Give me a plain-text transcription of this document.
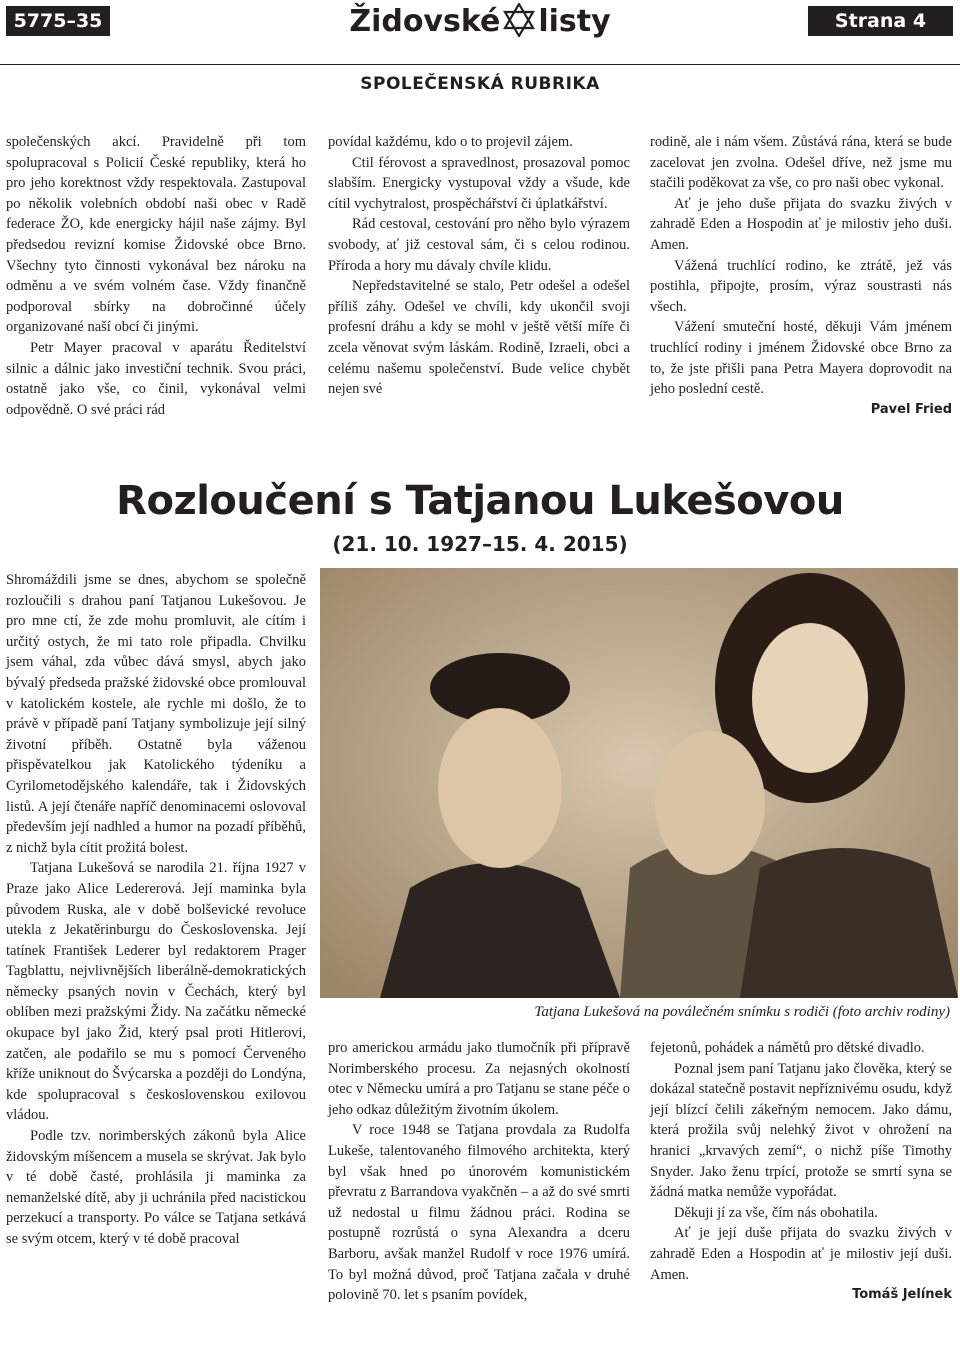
5775–35	Židovské listy	Strana 4
SPOLEČENSKÁ RUBRIKA

společenských akcí. Pravidelně při tom spolupracoval s Policií České republiky, která ho pro jeho korektnost vždy respektovala. Zastupoval po několik volebních období naši obec v Radě federace ŽO, kde energicky hájil naše zájmy. Byl předsedou revizní komise Židovské obce Brno. Všechny tyto činnosti vykonával bez nároku na odměnu a ve svém volném čase. Vždy finančně podporoval sbírky na dobročinné účely organizované naší obcí či jinými.

Petr Mayer pracoval v aparátu Ředitelství silnic a dálnic jako investiční technik. Svou práci, ostatně jako vše, co činil, vykonával velmi odpovědně. O své práci rád

povídal každému, kdo o to projevil zájem.

Ctil férovost a spravedlnost, prosazoval pomoc slabším. Energicky vystupoval vždy a všude, kde cítil vychytralost, prospěchářství či úplatkářství.

Rád cestoval, cestování pro něho bylo výrazem svobody, ať již cestoval sám, či s celou rodinou. Příroda a hory mu dávaly chvíle klidu.

Nepředstavitelné se stalo, Petr odešel a odešel příliš záhy. Odešel ve chvíli, kdy ukončil svoji profesní dráhu a kdy se mohl v ještě větší míře či zcela věnovat svým láskám. Rodině, Izraeli, obci a celému našemu společenství. Bude velice chybět nejen své

rodině, ale i nám všem. Zůstává rána, která se bude zacelovat jen zvolna. Odešel dříve, než jsme mu stačili poděkovat za vše, co pro naši obec vykonal.

Ať je jeho duše přijata do svazku živých v zahradě Eden a Hospodin ať je milostiv jeho duši. Amen.

Vážená truchlící rodino, ke ztrátě, jež vás postihla, připojte, prosím, výraz soustrasti nás všech.

Vážení smuteční hosté, děkuji Vám jménem truchlící rodiny i jménem Židovské obce Brno za to, že jste přišli pana Petra Mayera doprovodit na jeho poslední cestě.

Pavel Fried
Rozloučení s Tatjanou Lukešovou
(21. 10. 1927–15. 4. 2015)
Tatjana Lukešová na poválečném snímku s rodiči (foto archiv rodiny)

Shromáždili jsme se dnes, abychom se společně rozloučili s drahou paní Tatjanou Lukešovou. Je pro mne ctí, že zde mohu promluvit, ale cítím i určitý ostych, že mi tato role připadla. Chvilku jsem váhal, zda vůbec dává smysl, abych jako bývalý předseda pražské židovské obce promlouval v katolickém kostele, ale rychle mi došlo, že to právě v případě paní Tatjany symbolizuje její silný životní příběh. Ostatně byla váženou přispěvatelkou jak Katolického týdeníku a Cyrilometodějského kalendáře, tak i Židovských listů. A její čtenáře napříč denominacemi oslovoval především její nadhled a humor na pozadí příběhů, z nichž byla cítit prožitá bolest.

Tatjana Lukešová se narodila 21. října 1927 v Praze jako Alice Ledererová. Její maminka byla původem Ruska, ale v době bolševické revoluce utekla z Jekatěrinburgu do Československa. Její tatínek František Lederer byl redaktorem Prager Tagblattu, nejvlivnějších liberálně-demokratických německy psaných novin v Čechách, který byl oblíben mezi pražskými Židy. Na začátku německé okupace byl jako Žid, který psal proti Hitlerovi, zatčen, ale podařilo se mu s pomocí Červeného kříže uniknout do Švýcarska a později do Londýna, kde spolupracoval s československou exilovou vládou.

Podle tzv. norimberských zákonů byla Alice židovským míšencem a musela se skrývat. Jak bylo v té době časté, prohlásila ji maminka za nemanželské dítě, aby ji uchránila před nacistickou perzekucí a transporty. Po válce se Tatjana setkává se svým otcem, který v té době pracoval

pro americkou armádu jako tlumočník při přípravě Norimberského procesu. Za nejasných okolností otec v Německu umírá a pro Tatjanu se stane péče o jeho odkaz důležitým životním úkolem.

V roce 1948 se Tatjana provdala za Rudolfa Lukeše, talentovaného filmového architekta, který byl však hned po únorovém komunistickém převratu z Barrandova vyakčněn – a až do své smrti už nedostal u filmu žádnou práci. Rodina se postupně rozrůstá o syna Alexandra a dceru Barboru, avšak manžel Rudolf v roce 1976 umírá. To byl možná důvod, proč Tatjana začala v druhé polovině 70. let s psaním povídek,

fejetonů, pohádek a námětů pro dětské divadlo.

Poznal jsem paní Tatjanu jako člověka, který se dokázal statečně postavit nepříznivému osudu, když její blízcí čelili zákeřným nemocem. Jako dámu, která prožila svůj nelehký život v ohrožení na hranici „krvavých zemí“, o nichž píše Timothy Snyder. Jako ženu trpící, protože se smrtí syna se žádná matka nemůže vypořádat.

Děkuji jí za vše, čím nás obohatila.

Ať je její duše přijata do svazku živých v zahradě Eden a Hospodin ať je milostiv její duši. Amen.

Tomáš Jelínek
